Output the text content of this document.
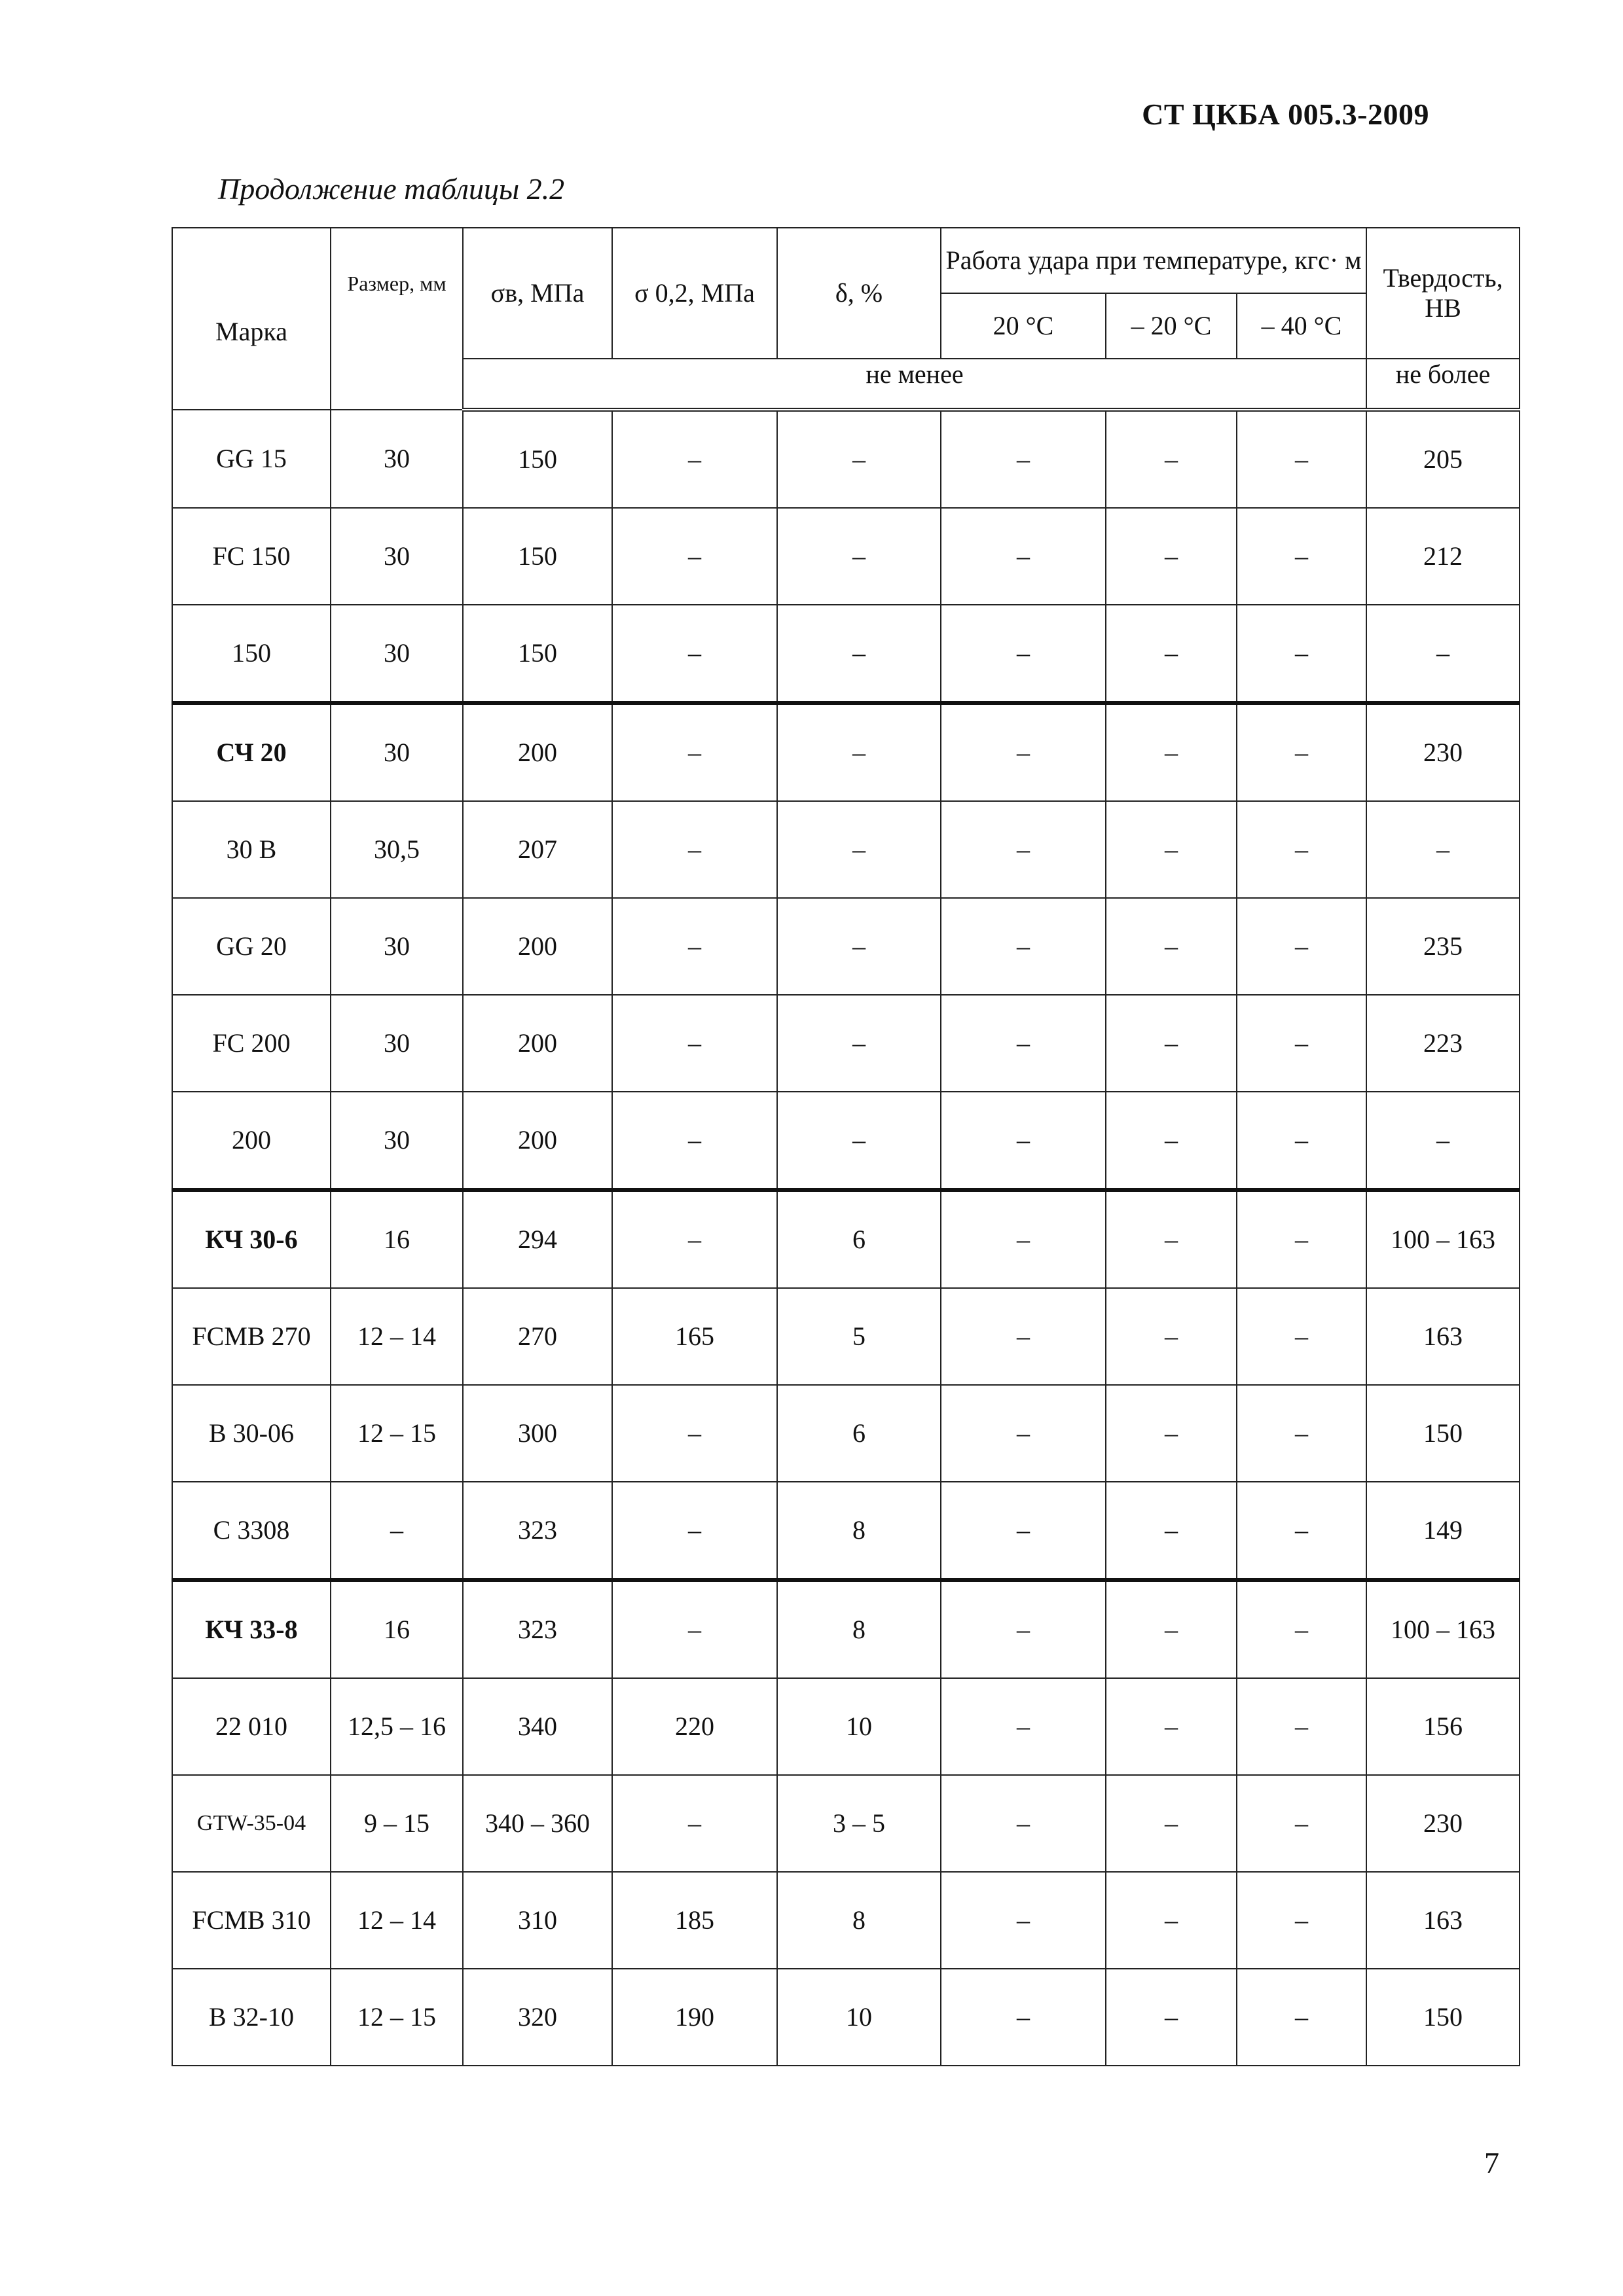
СТ ЦКБА 005.3-2009
Продолжение таблицы 2.2
Марка	Размер, мм	σв, МПа	σ 0,2, МПа	δ, %	Работа удара при температуре, кгс· м			Твердость, НВ
					20 °С	– 20 °С	– 40 °С	
		не менее						не более
GG 15	30	150	–	–	–	–	–	205
FC 150	30	150	–	–	–	–	–	212
150	30	150	–	–	–	–	–	–
СЧ 20	30	200	–	–	–	–	–	230
30 B	30,5	207	–	–	–	–	–	–
GG 20	30	200	–	–	–	–	–	235
FC 200	30	200	–	–	–	–	–	223
200	30	200	–	–	–	–	–	–
КЧ 30-6	16	294	–	6	–	–	–	100 – 163
FCMB 270	12 – 14	270	165	5	–	–	–	163
B 30-06	12 – 15	300	–	6	–	–	–	150
С 3308	–	323	–	8	–	–	–	149
КЧ 33-8	16	323	–	8	–	–	–	100 – 163
22 010	12,5 – 16	340	220	10	–	–	–	156
GTW-35-04	9 – 15	340 – 360	–	3 – 5	–	–	–	230
FCMB 310	12 – 14	310	185	8	–	–	–	163
B 32-10	12 – 15	320	190	10	–	–	–	150
7
